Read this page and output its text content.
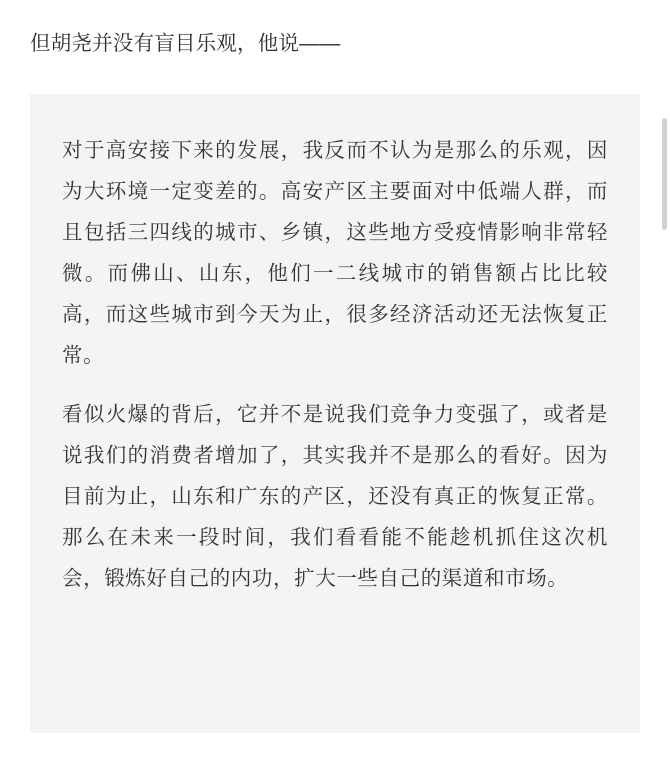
但胡尧并没有盲目乐观，他说——

对于高安接下来的发展，我反而不认为是那么的乐观，因为大环境一定变差的。高安产区主要面对中低端人群，而且包括三四线的城市、乡镇，这些地方受疫情影响非常轻微。而佛山、山东，他们一二线城市的销售额占比比较高，而这些城市到今天为止，很多经济活动还无法恢复正常。

看似火爆的背后，它并不是说我们竞争力变强了，或者是说我们的消费者增加了，其实我并不是那么的看好。因为目前为止，山东和广东的产区，还没有真正的恢复正常。那么在未来一段时间，我们看看能不能趁机抓住这次机会，锻炼好自己的内功，扩大一些自己的渠道和市场。
